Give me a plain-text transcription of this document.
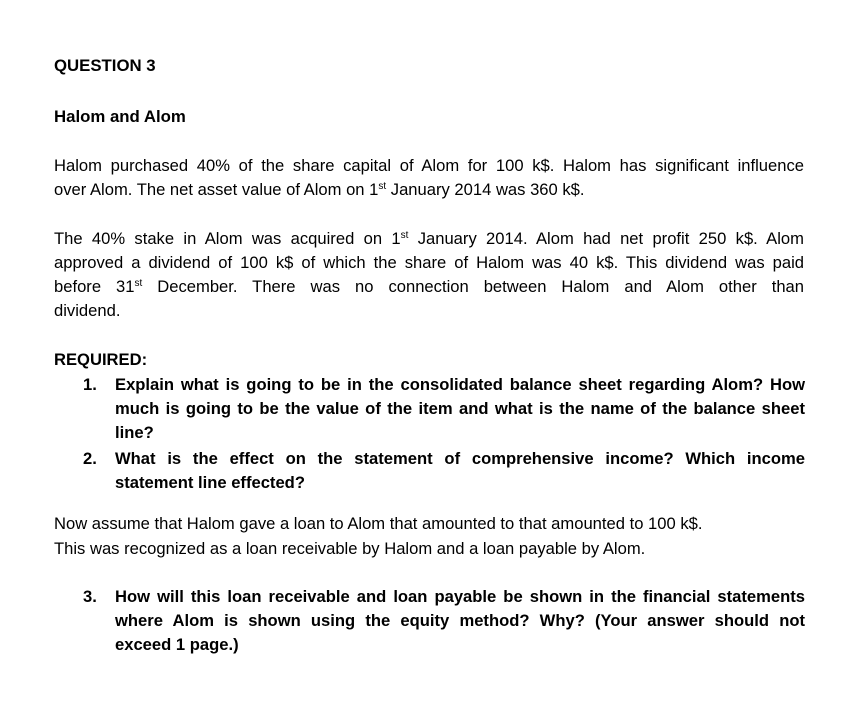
QUESTION 3
Halom and Alom
Halom purchased 40% of the share capital of Alom for 100 k$. Halom has significant influence
over Alom. The net asset value of Alom on 1st January 2014 was 360 k$.
The 40% stake in Alom was acquired on 1st January 2014. Alom had net profit 250 k$. Alom
approved a dividend of 100 k$ of which the share of Halom was 40 k$. This dividend was paid
before 31st December. There was no connection between Halom and Alom other than
dividend.
REQUIRED:
1.	Explain what is going to be in the consolidated balance sheet regarding Alom? How
much is going to be the value of the item and what is the name of the balance sheet
line?
2.	What is the effect on the statement of comprehensive income? Which income
statement line effected?
Now assume that Halom gave a loan to Alom that amounted to that amounted to 100 k$.
This was recognized as a loan receivable by Halom and a loan payable by Alom.
3.	How will this loan receivable and loan payable be shown in the financial statements
where Alom is shown using the equity method? Why? (Your answer should not
exceed 1 page.)
